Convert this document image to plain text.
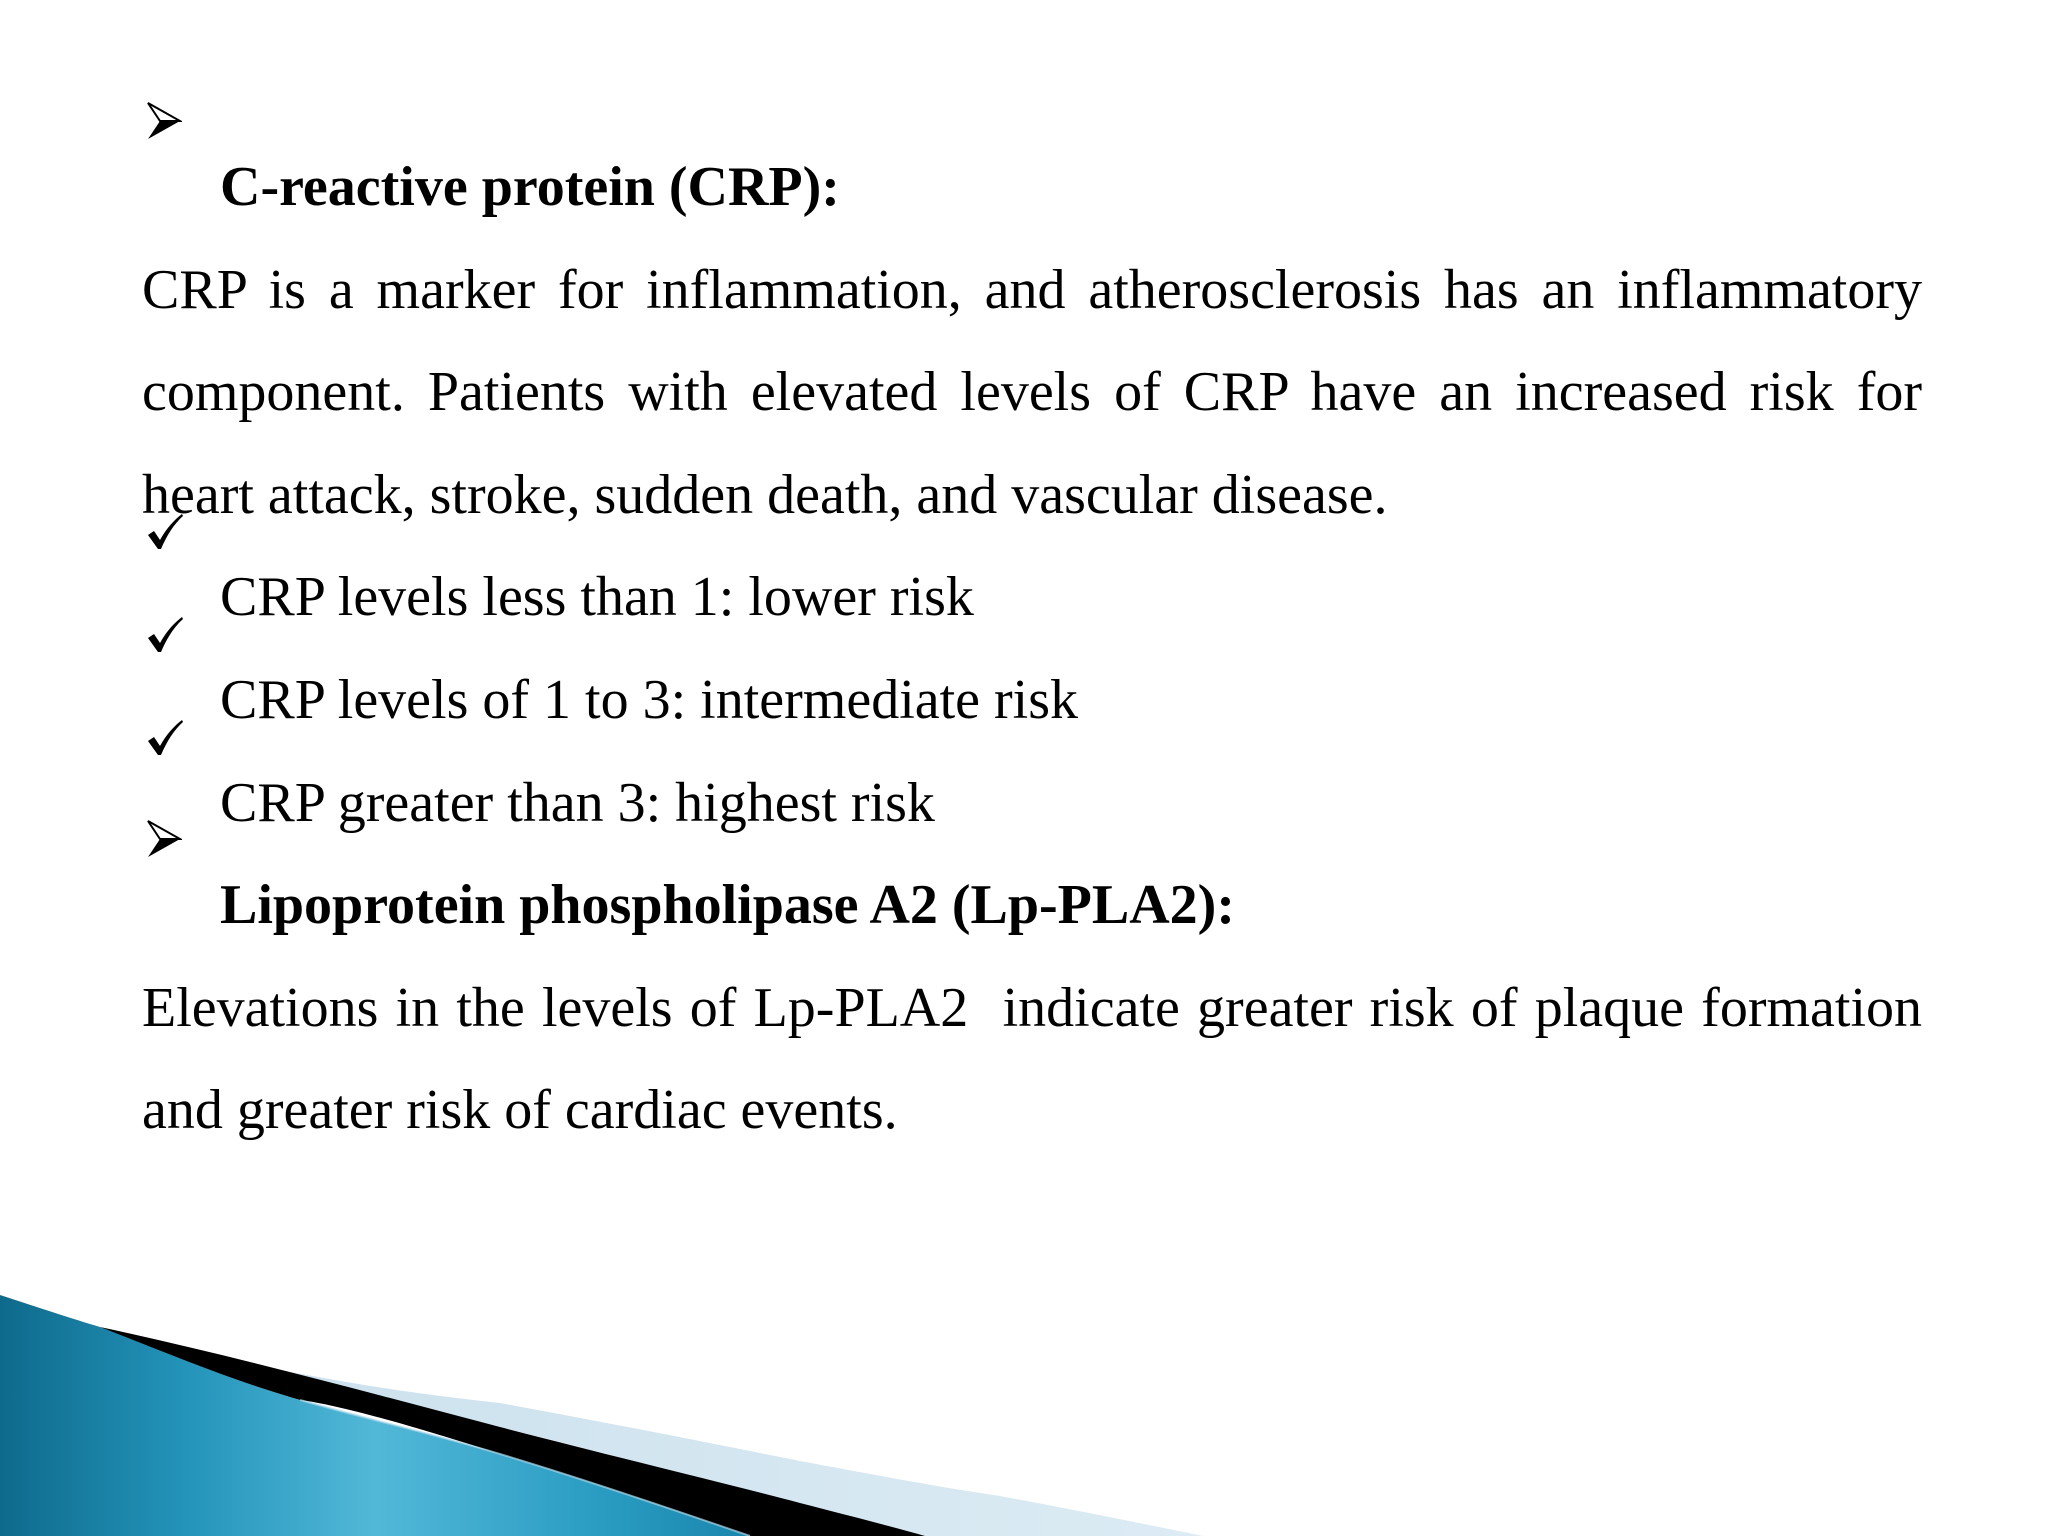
C-reactive protein (CRP):

CRP is a marker for inflammation, and atherosclerosis has an inflammatory component. Patients with elevated levels of CRP have an increased risk for heart attack, stroke, sudden death, and vascular disease.

CRP levels less than 1: lower risk

CRP levels of 1 to 3: intermediate risk

CRP greater than 3: highest risk

Lipoprotein phospholipase A2 (Lp-PLA2):

Elevations in the levels of Lp-PLA2  indicate greater risk of plaque formation and greater risk of cardiac events.
